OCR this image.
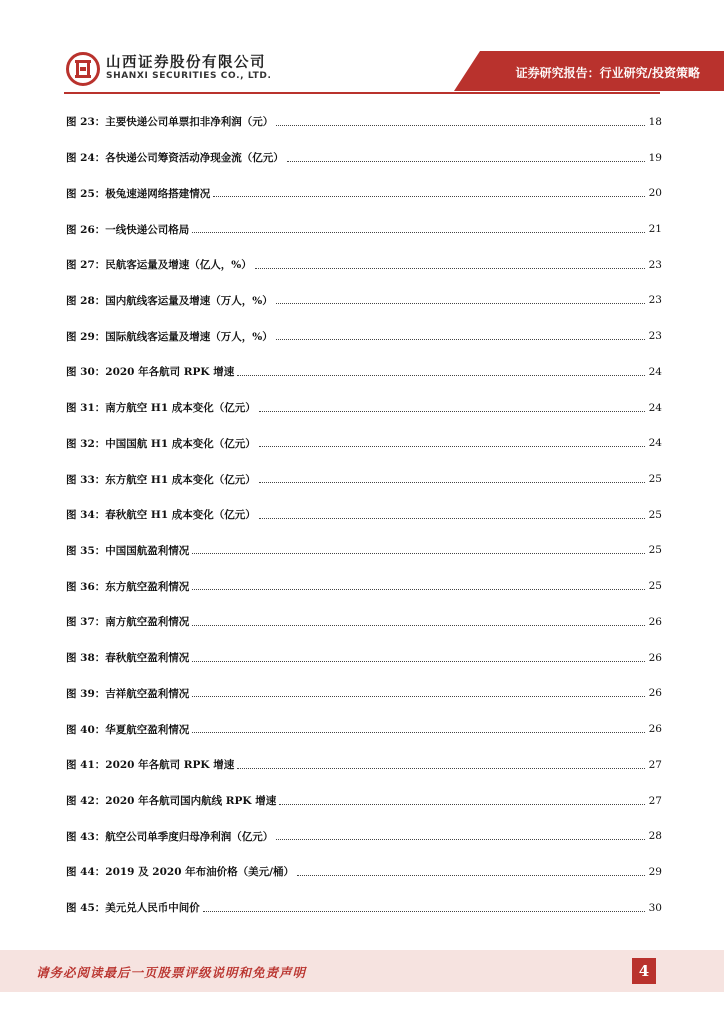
山西证券股份有限公司
SHANXI SECURITIES CO., LTD.	证券研究报告：行业研究/投资策略
图 23：主要快递公司单票扣非净利润（元）	18
图 24：各快递公司筹资活动净现金流（亿元）	19
图 25：极兔速递网络搭建情况	20
图 26：一线快递公司格局	21
图 27：民航客运量及增速（亿人，%）	23
图 28：国内航线客运量及增速（万人，%）	23
图 29：国际航线客运量及增速（万人，%）	23
图 30：2020 年各航司 RPK 增速	24
图 31：南方航空 H1 成本变化（亿元）	24
图 32：中国国航 H1 成本变化（亿元）	24
图 33：东方航空 H1 成本变化（亿元）	25
图 34：春秋航空 H1 成本变化（亿元）	25
图 35：中国国航盈利情况	25
图 36：东方航空盈利情况	25
图 37：南方航空盈利情况	26
图 38：春秋航空盈利情况	26
图 39：吉祥航空盈利情况	26
图 40：华夏航空盈利情况	26
图 41：2020 年各航司 RPK 增速	27
图 42：2020 年各航司国内航线 RPK 增速	27
图 43：航空公司单季度归母净利润（亿元）	28
图 44：2019 及 2020 年布油价格（美元/桶）	29
图 45：美元兑人民币中间价	30
请务必阅读最后一页股票评级说明和免责声明	4
